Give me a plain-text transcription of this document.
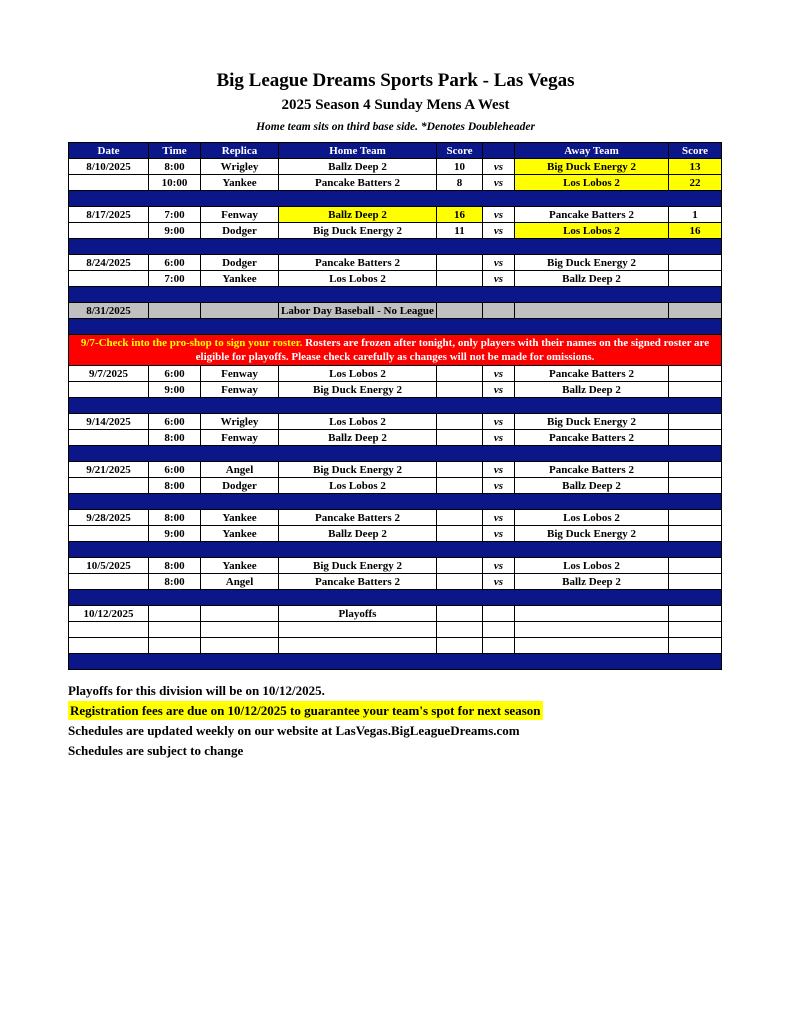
Big League Dreams Sports Park - Las Vegas
2025 Season 4 Sunday Mens A West
Home team sits on third base side. *Denotes Doubleheader
Date	Time	Replica	Home Team	Score		Away Team	Score
8/10/2025	8:00	Wrigley	Ballz Deep 2	10	vs	Big Duck Energy 2	13
	10:00	Yankee	Pancake Batters 2	8	vs	Los Lobos 2	22

8/17/2025	7:00	Fenway	Ballz Deep 2	16	vs	Pancake Batters 2	1
	9:00	Dodger	Big Duck Energy 2	11	vs	Los Lobos 2	16

8/24/2025	6:00	Dodger	Pancake Batters 2		vs	Big Duck Energy 2	
	7:00	Yankee	Los Lobos 2		vs	Ballz Deep 2	

8/31/2025			Labor Day Baseball - No League				

9/7-Check into the pro-shop to sign your roster. Rosters are frozen after tonight, only players with their names on the signed roster are eligible for playoffs. Please check carefully as changes will not be made for omissions.							
9/7/2025	6:00	Fenway	Los Lobos 2		vs	Pancake Batters 2	
	9:00	Fenway	Big Duck Energy 2		vs	Ballz Deep 2	

9/14/2025	6:00	Wrigley	Los Lobos 2		vs	Big Duck Energy 2	
	8:00	Fenway	Ballz Deep 2		vs	Pancake Batters 2	

9/21/2025	6:00	Angel	Big Duck Energy 2		vs	Pancake Batters 2	
	8:00	Dodger	Los Lobos 2		vs	Ballz Deep 2	

9/28/2025	8:00	Yankee	Pancake Batters 2		vs	Los Lobos 2	
	9:00	Yankee	Ballz Deep 2		vs	Big Duck Energy 2	

10/5/2025	8:00	Yankee	Big Duck Energy 2		vs	Los Lobos 2	
	8:00	Angel	Pancake Batters 2		vs	Ballz Deep 2	

10/12/2025			Playoffs				

Playoffs for this division will be on 10/12/2025.
Registration fees are due on 10/12/2025 to guarantee your team's spot for next season
Schedules are updated weekly on our website at LasVegas.BigLeagueDreams.com
Schedules are subject to change
